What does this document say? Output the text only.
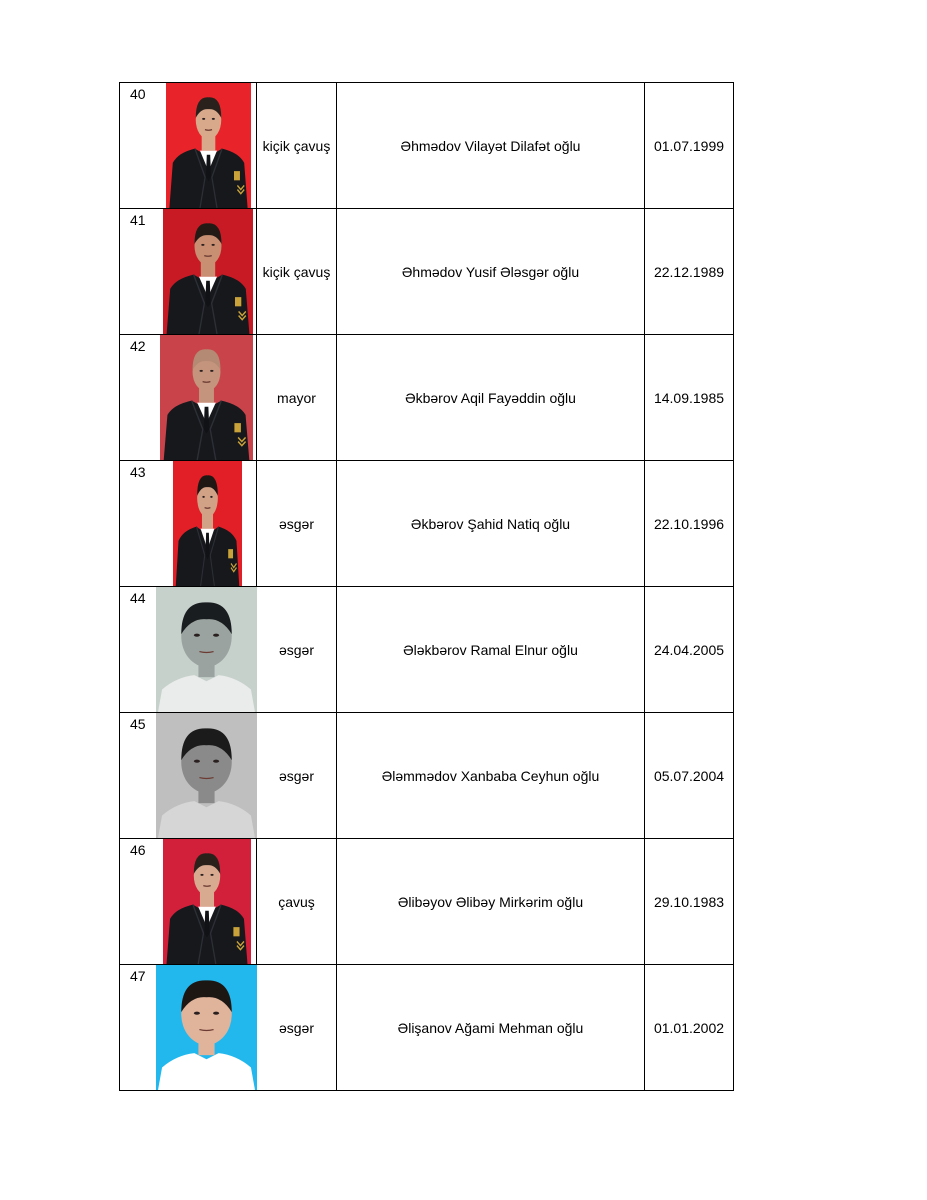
40		kiçik çavuş	Əhmədov Vilayət Dilafət oğlu	01.07.1999
41		kiçik çavuş	Əhmədov Yusif Ələsgər oğlu	22.12.1989
42		mayor	Əkbərov Aqil Fayəddin oğlu	14.09.1985
43		əsgər	Əkbərov Şahid Natiq oğlu	22.10.1996
44		əsgər	Ələkbərov Ramal Elnur oğlu	24.04.2005
45		əsgər	Ələmmədov Xanbaba Ceyhun oğlu	05.07.2004
46		çavuş	Əlibəyov Əlibəy Mirkərim oğlu	29.10.1983
47		əsgər	Əlişanov Ağami Mehman oğlu	01.01.2002
